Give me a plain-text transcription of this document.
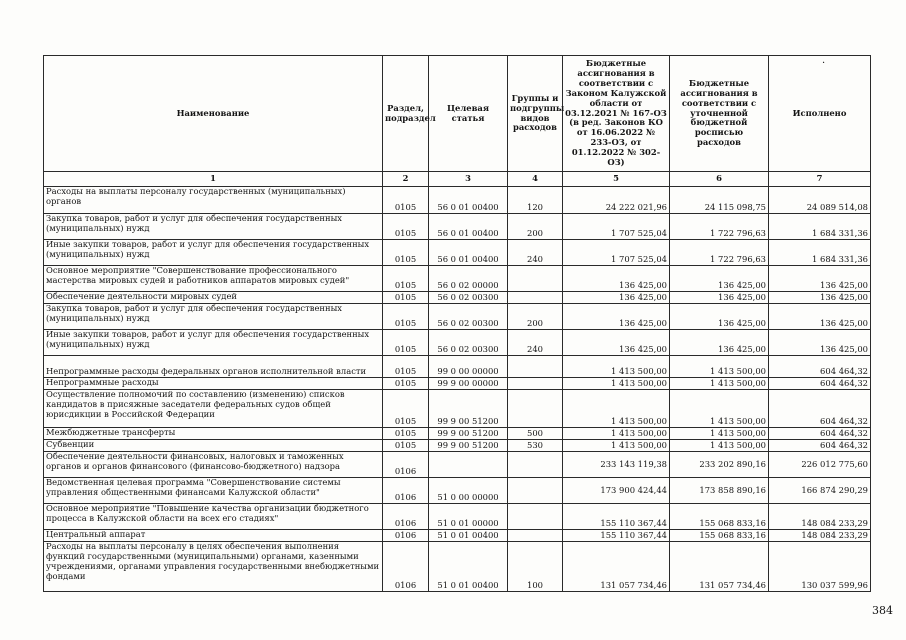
·
Наименование	Раздел, подраздел	Целевая статья	Группы и подгруппы видов расходов	Бюджетные ассигнования в соответствии с Законом Калужской области от 03.12.2021 № 167-ОЗ (в ред. Законов КО от 16.06.2022 № 233-ОЗ, от 01.12.2022 № 302-ОЗ)	Бюджетные ассигнования в соответствии с уточненной бюджетной росписью расходов	Исполнено
1	2	3	4	5	6	7
Расходы на выплаты персоналу государственных (муниципальных) органов	0105	56 0 01 00400	120	24 222 021,96	24 115 098,75	24 089 514,08
Закупка товаров, работ и услуг для обеспечения государственных (муниципальных) нужд	0105	56 0 01 00400	200	1 707 525,04	1 722 796,63	1 684 331,36
Иные закупки товаров, работ и услуг для обеспечения государственных (муниципальных) нужд	0105	56 0 01 00400	240	1 707 525,04	1 722 796,63	1 684 331,36
Основное мероприятие "Совершенствование профессионального мастерства мировых судей и работников аппаратов мировых судей"	0105	56 0 02 00000		136 425,00	136 425,00	136 425,00
Обеспечение деятельности мировых судей	0105	56 0 02 00300		136 425,00	136 425,00	136 425,00
Закупка товаров, работ и услуг для обеспечения государственных (муниципальных) нужд	0105	56 0 02 00300	200	136 425,00	136 425,00	136 425,00
Иные закупки товаров, работ и услуг для обеспечения государственных (муниципальных) нужд	0105	56 0 02 00300	240	136 425,00	136 425,00	136 425,00
Непрограммные расходы федеральных органов исполнительной власти	0105	99 0 00 00000		1 413 500,00	1 413 500,00	604 464,32
Непрограммные расходы	0105	99 9 00 00000		1 413 500,00	1 413 500,00	604 464,32
Осуществление полномочий по составлению (изменению) списков кандидатов в присяжные заседатели федеральных судов общей юрисдикции в Российской Федерации	0105	99 9 00 51200		1 413 500,00	1 413 500,00	604 464,32
Межбюджетные трансферты	0105	99 9 00 51200	500	1 413 500,00	1 413 500,00	604 464,32
Субвенции	0105	99 9 00 51200	530	1 413 500,00	1 413 500,00	604 464,32
Обеспечение деятельности финансовых, налоговых и таможенных органов и органов финансового (финансово-бюджетного) надзора	0106			233 143 119,38	233 202 890,16	226 012 775,60
Ведомственная целевая программа "Совершенствование системы управления общественными финансами Калужской области"	0106	51 0 00 00000		173 900 424,44	173 858 890,16	166 874 290,29
Основное мероприятие "Повышение качества организации бюджетного процесса в Калужской области на всех его стадиях"	0106	51 0 01 00000		155 110 367,44	155 068 833,16	148 084 233,29
Центральный аппарат	0106	51 0 01 00400		155 110 367,44	155 068 833,16	148 084 233,29
Расходы на выплаты персоналу в целях обеспечения выполнения функций государственными (муниципальными) органами, казенными учреждениями, органами управления государственными внебюджетными фондами	0106	51 0 01 00400	100	131 057 734,46	131 057 734,46	130 037 599,96
384
